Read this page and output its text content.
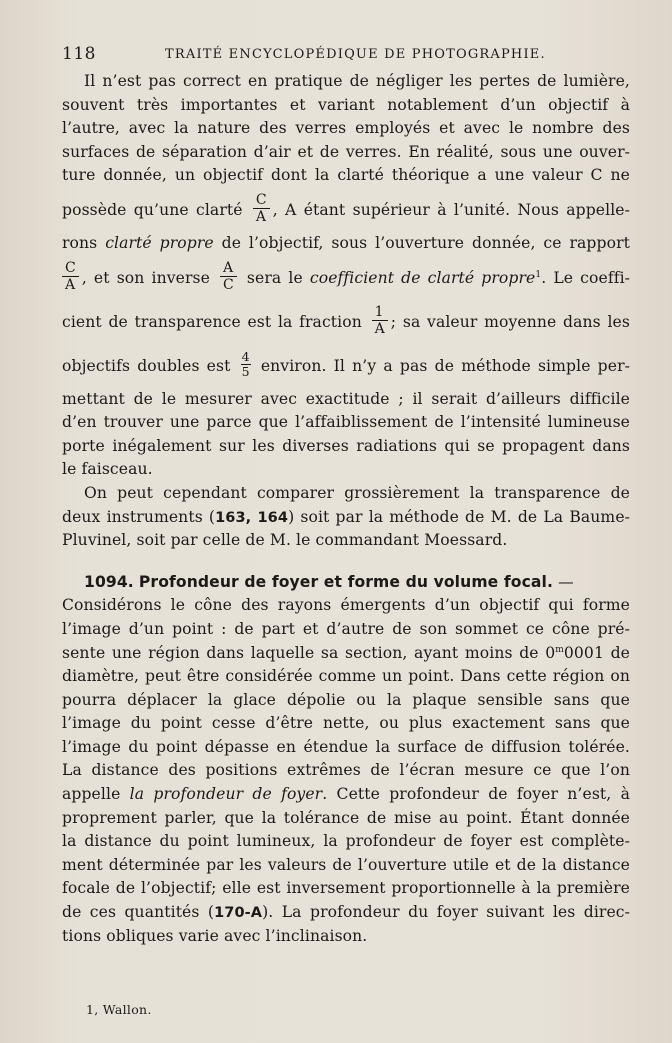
118	TRAITÉ ENCYCLOPÉDIQUE DE PHOTOGRAPHIE.
Il n’est pas correct en pratique de négliger les pertes de lumière,
souvent très importantes et variant notablement d’un objectif à
l’autre, avec la nature des verres employés et avec le nombre des
surfaces de séparation d’air et de verres. En réalité, sous une ouver-
ture donnée, un objectif dont la clarté théorique a une valeur C ne
possède qu’une clarté $\frac{C}{A}$ , A étant supérieur à l’unité. Nous appelle-
rons clarté propre de l’objectif, sous l’ouverture donnée, ce rapport
$\frac{C}{A}$ , et son inverse $\frac{A}{C}$ sera le coefficient de clarté propre$^1$. Le coeffi-
cient de transparence est la fraction $\frac{1}{A}$ ; sa valeur moyenne dans les
objectifs doubles est $\frac{4}{5}$ environ. Il n’y a pas de méthode simple per-
mettant de le mesurer avec exactitude ; il serait d’ailleurs difficile
d’en trouver une parce que l’affaiblissement de l’intensité lumineuse
porte inégalement sur les diverses radiations qui se propagent dans
le faisceau.
On peut cependant comparer grossièrement la transparence de
deux instruments (163, 164) soit par la méthode de M. de La Baume-
Pluvinel, soit par celle de M. le commandant Moessard.
1094. Profondeur de foyer et forme du volume focal. —
Considérons le cône des rayons émergents d’un objectif qui forme
l’image d’un point : de part et d’autre de son sommet ce cône pré-
sente une région dans laquelle sa section, ayant moins de 0$^m$0001 de
diamètre, peut être considérée comme un point. Dans cette région on
pourra déplacer la glace dépolie ou la plaque sensible sans que
l’image du point cesse d’être nette, ou plus exactement sans que
l’image du point dépasse en étendue la surface de diffusion tolérée.
La distance des positions extrêmes de l’écran mesure ce que l’on
appelle la profondeur de foyer. Cette profondeur de foyer n’est, à
proprement parler, que la tolérance de mise au point. Étant donnée
la distance du point lumineux, la profondeur de foyer est complète-
ment déterminée par les valeurs de l’ouverture utile et de la distance
focale de l’objectif; elle est inversement proportionnelle à la première
de ces quantités (170-A). La profondeur du foyer suivant les direc-
tions obliques varie avec l’inclinaison.
1, Wallon.
